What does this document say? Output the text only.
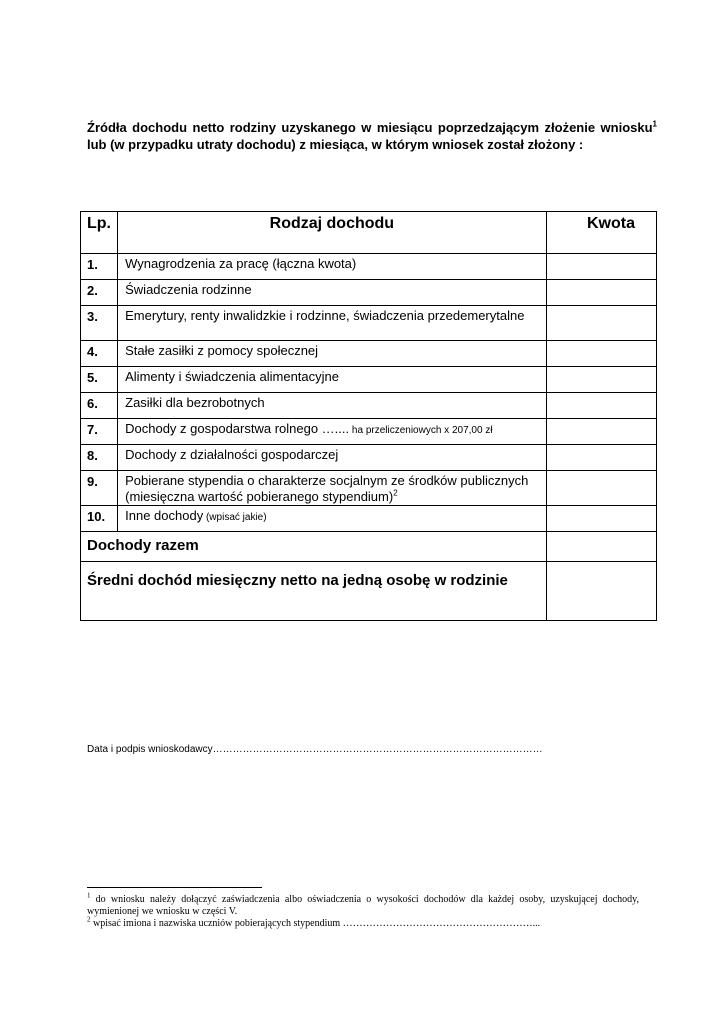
Źródła dochodu netto rodziny uzyskanego w miesiącu poprzedzającym złożenie wniosku$^1$ lub (w przypadku utraty dochodu) z miesiąca, w którym wniosek został złożony :
Lp.	Rodzaj dochodu	Kwota
1.	Wynagrodzenia za pracę (łączna kwota)	
2.	Świadczenia rodzinne	
3.	Emerytury, renty inwalidzkie i rodzinne, świadczenia przedemerytalne	
4.	Stałe zasiłki z pomocy społecznej	
5.	Alimenty i świadczenia alimentacyjne	
6.	Zasiłki dla bezrobotnych	
7.	Dochody z gospodarstwa rolnego ….... ha przeliczeniowych x 207,00 zł	
8.	Dochody z działalności gospodarczej	
9.	Pobierane stypendia o charakterze socjalnym ze środków publicznych (miesięczna wartość pobieranego stypendium)$^2$	
10.	Inne dochody (wpisać jakie)	
Dochody razem		
Średni dochód miesięczny netto na jedną osobę w rodzinie		
Data i podpis wnioskodawcy………………………………………………………………………………………

$^1$ do wniosku należy dołączyć zaświadczenia albo oświadczenia o wysokości dochodów dla każdej osoby, uzyskującej dochody, wymienionej we wniosku w części V.

$^2$ wpisać imiona i nazwiska uczniów pobierających stypendium …………………………………………………...
